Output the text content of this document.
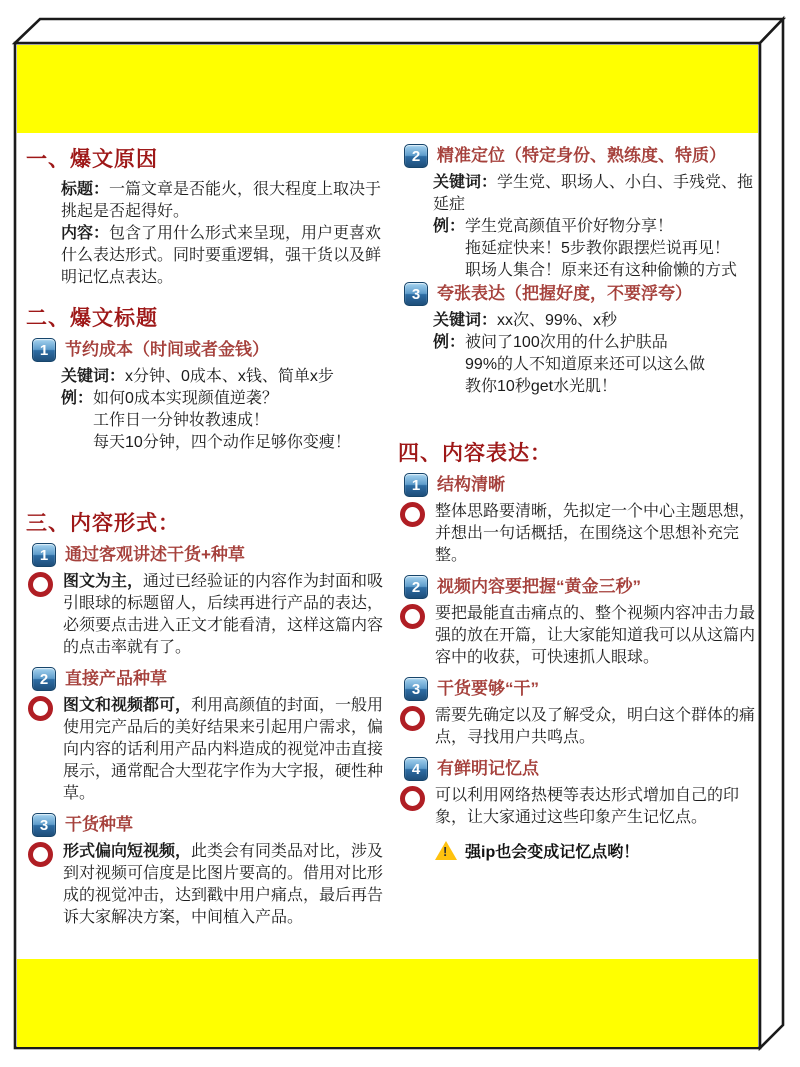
一、爆文原因
标题：一篇文章是否能火，很大程度上取决于挑起是否起得好。
内容：包含了用什么形式来呈现，用户更喜欢什么表达形式。同时要重逻辑，强干货以及鲜明记忆点表达。
二、爆文标题
1 节约成本（时间或者金钱）
关键词：x分钟、0成本、x钱、简单x步
例： 如何0成本实现颜值逆袭？
工作日一分钟妆教速成！
每天10分钟，四个动作足够你变瘦！
三、内容形式：
1 通过客观讲述干货+种草
图文为主，通过已经验证的内容作为封面和吸引眼球的标题留人，后续再进行产品的表达，必须要点击进入正文才能看清，这样这篇内容的点击率就有了。
2 直接产品种草
图文和视频都可，利用高颜值的封面，一般用使用完产品后的美好结果来引起用户需求，偏向内容的话利用产品内料造成的视觉冲击直接展示，通常配合大型花字作为大字报，硬性种草。
3 干货种草
形式偏向短视频，此类会有同类品对比，涉及到对视频可信度是比图片要高的。借用对比形成的视觉冲击，达到戳中用户痛点，最后再告诉大家解决方案，中间植入产品。
2 精准定位（特定身份、熟练度、特质）
关键词：学生党、职场人、小白、手残党、拖延症
例： 学生党高颜值平价好物分享！
拖延症快来！5步教你跟摆烂说再见！
职场人集合！原来还有这种偷懒的方式
3 夸张表达（把握好度，不要浮夸）
关键词：xx次、99%、x秒
例： 被问了100次用的什么护肤品
99%的人不知道原来还可以这么做
教你10秒get水光肌！
四、内容表达：
1 结构清晰
整体思路要清晰，先拟定一个中心主题思想，并想出一句话概括，在围绕这个思想补充完整。
2 视频内容要把握“黄金三秒”
要把最能直击痛点的、整个视频内容冲击力最强的放在开篇，让大家能知道我可以从这篇内容中的收获，可快速抓人眼球。
3 干货要够“干”
需要先确定以及了解受众，明白这个群体的痛点，寻找用户共鸣点。
4 有鲜明记忆点
可以利用网络热梗等表达形式增加自己的印象，让大家通过这些印象产生记忆点。
! 强ip也会变成记忆点哟！
